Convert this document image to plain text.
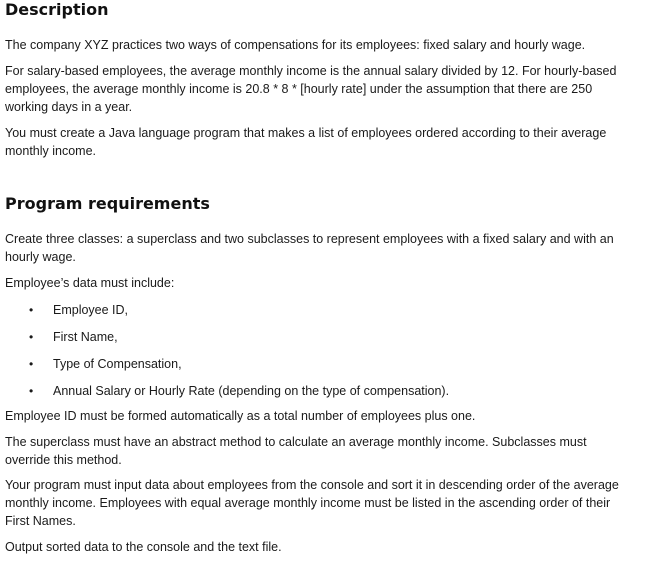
Description

The company XYZ practices two ways of compensations for its employees: fixed salary and hourly wage.

For salary-based employees, the average monthly income is the annual salary divided by 12. For hourly-based employees, the average monthly income is 20.8 * 8 * [hourly rate] under the assumption that there are 250 working days in a year.

You must create a Java language program that makes a list of employees ordered according to their average monthly income.

Program requirements

Create three classes: a superclass and two subclasses to represent employees with a fixed salary and with an hourly wage.

Employee’s data must include:

• Employee ID,
• First Name,
• Type of Compensation,
• Annual Salary or Hourly Rate (depending on the type of compensation).

Employee ID must be formed automatically as a total number of employees plus one.

The superclass must have an abstract method to calculate an average monthly income. Subclasses must override this method.

Your program must input data about employees from the console and sort it in descending order of the average monthly income. Employees with equal average monthly income must be listed in the ascending order of their First Names.

Output sorted data to the console and the text file.
